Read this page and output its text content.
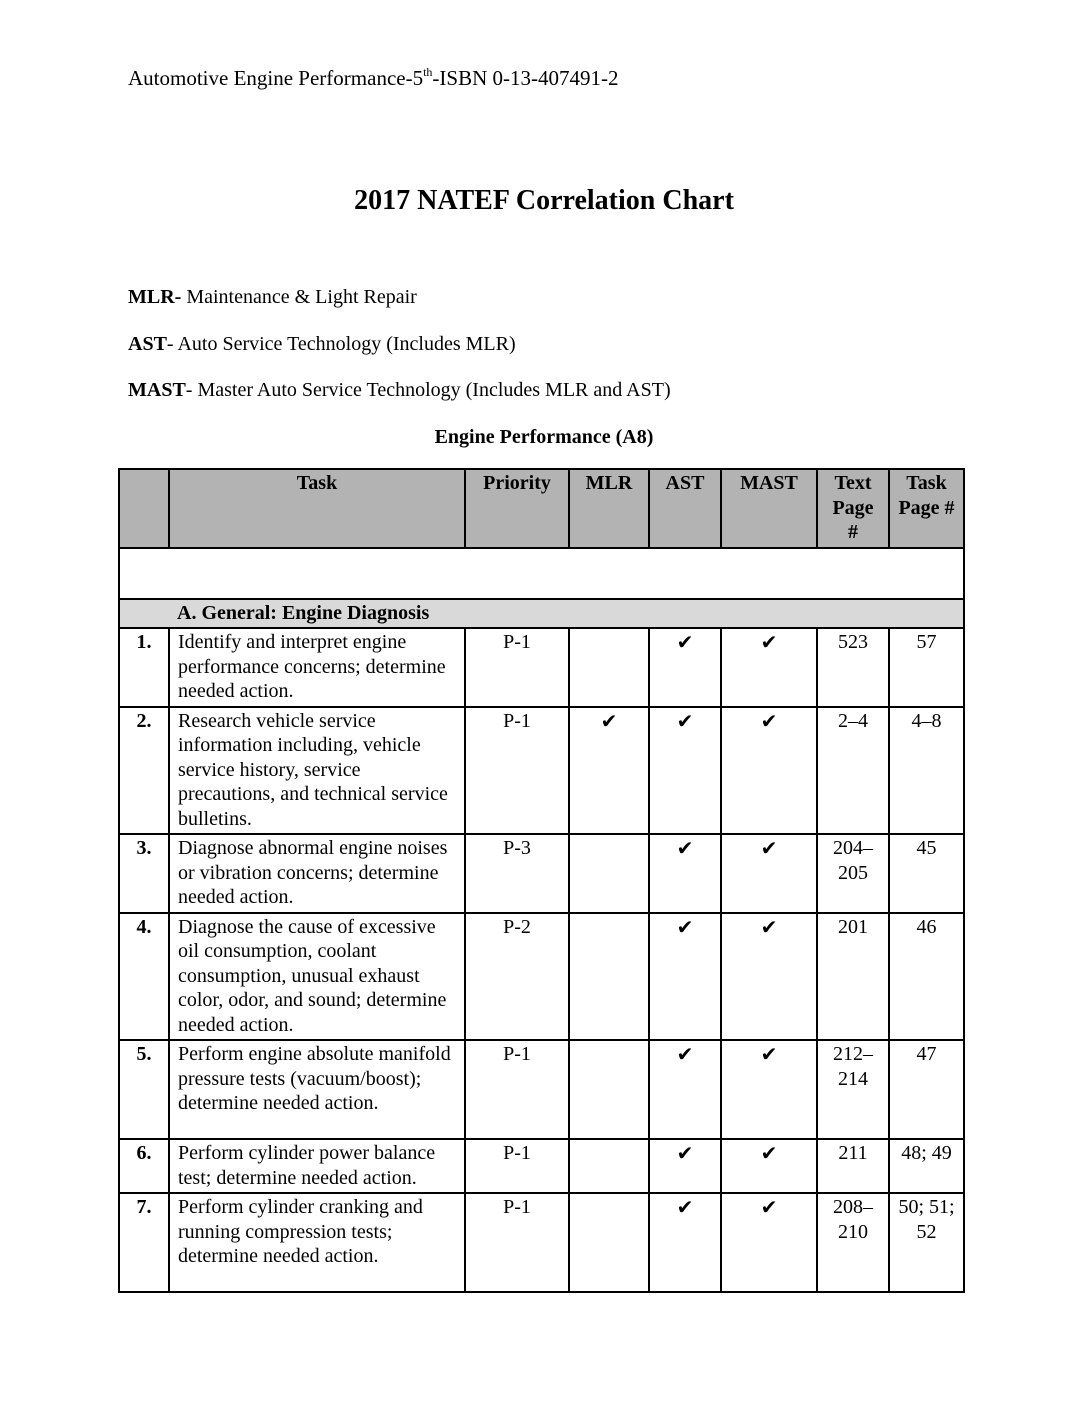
Automotive Engine Performance-5th-ISBN 0-13-407491-2
2017 NATEF Correlation Chart
MLR- Maintenance & Light Repair
AST- Auto Service Technology (Includes MLR)
MAST- Master Auto Service Technology (Includes MLR and AST)
Engine Performance (A8)
	Task	Priority	MLR	AST	MAST	Text Page #	Task Page #

	A. General: Engine Diagnosis						
1.	Identify and interpret engine performance concerns; determine needed action.	P-1		✔	✔	523	57
2.	Research vehicle service information including, vehicle service history, service precautions, and technical service bulletins.	P-1	✔	✔	✔	2–4	4–8
3.	Diagnose abnormal engine noises or vibration concerns; determine needed action.	P-3		✔	✔	204–205	45
4.	Diagnose the cause of excessive oil consumption, coolant consumption, unusual exhaust color, odor, and sound; determine needed action.	P-2		✔	✔	201	46
5.	Perform engine absolute manifold pressure tests (vacuum/boost); determine needed action.	P-1		✔	✔	212–214	47
6.	Perform cylinder power balance test; determine needed action.	P-1		✔	✔	211	48; 49
7.	Perform cylinder cranking and running compression tests; determine needed action.	P-1		✔	✔	208–210	50; 51; 52
